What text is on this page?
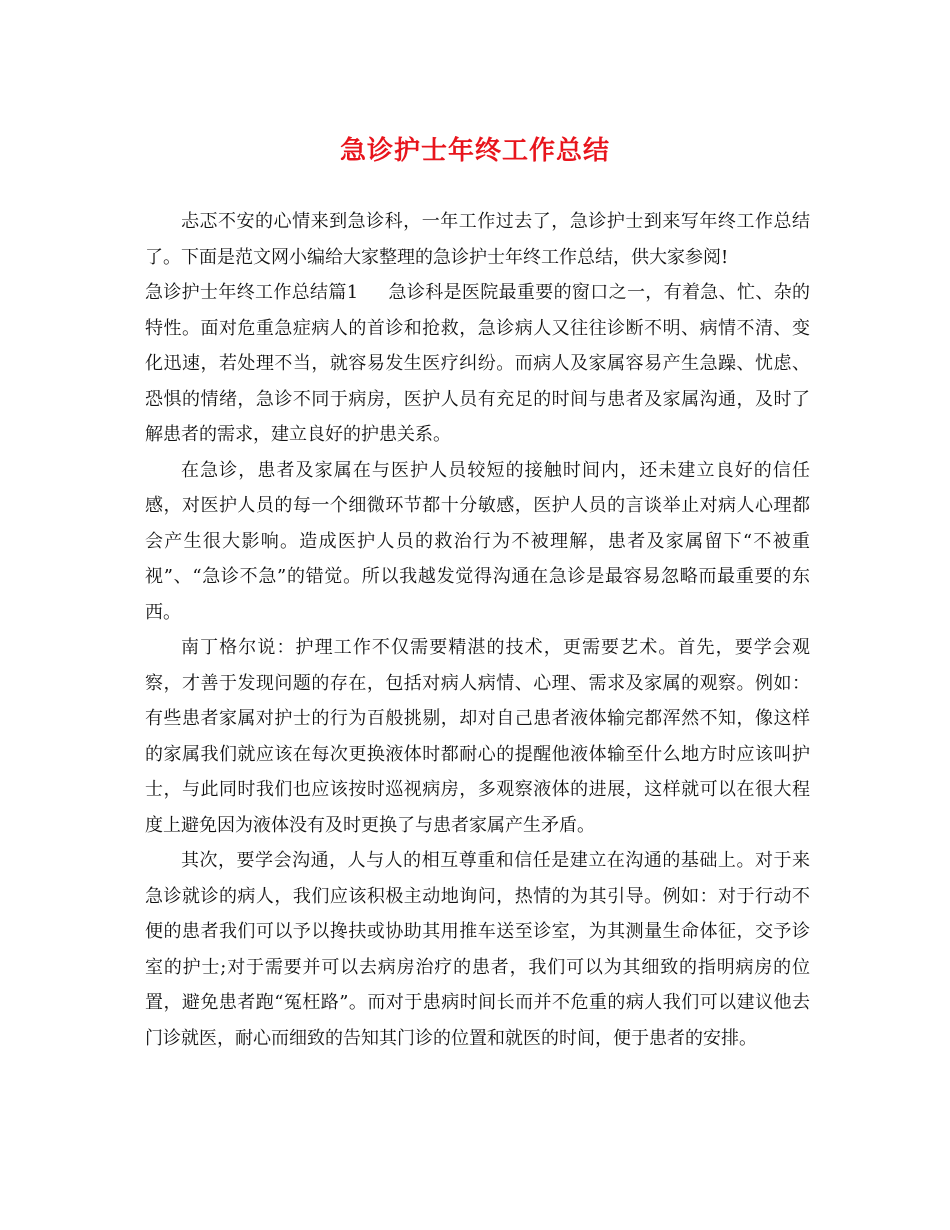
急诊护士年终工作总结

忐忑不安的心情来到急诊科，一年工作过去了，急诊护士到来写年终工作总结了。下面是范文网小编给大家整理的急诊护士年终工作总结，供大家参阅!

急诊护士年终工作总结篇1 急诊科是医院最重要的窗口之一，有着急、忙、杂的特性。面对危重急症病人的首诊和抢救，急诊病人又往往诊断不明、病情不清、变化迅速，若处理不当，就容易发生医疗纠纷。而病人及家属容易产生急躁、忧虑、恐惧的情绪，急诊不同于病房，医护人员有充足的时间与患者及家属沟通，及时了解患者的需求，建立良好的护患关系。

在急诊，患者及家属在与医护人员较短的接触时间内，还未建立良好的信任感，对医护人员的每一个细微环节都十分敏感，医护人员的言谈举止对病人心理都会产生很大影响。造成医护人员的救治行为不被理解，患者及家属留下“不被重视”、“急诊不急”的错觉。所以我越发觉得沟通在急诊是最容易忽略而最重要的东西。

南丁格尔说：护理工作不仅需要精湛的技术，更需要艺术。首先，要学会观察，才善于发现问题的存在，包括对病人病情、心理、需求及家属的观察。例如：有些患者家属对护士的行为百般挑剔，却对自己患者液体输完都浑然不知，像这样的家属我们就应该在每次更换液体时都耐心的提醒他液体输至什么地方时应该叫护士，与此同时我们也应该按时巡视病房，多观察液体的进展，这样就可以在很大程度上避免因为液体没有及时更换了与患者家属产生矛盾。

其次，要学会沟通，人与人的相互尊重和信任是建立在沟通的基础上。对于来急诊就诊的病人，我们应该积极主动地询问，热情的为其引导。例如：对于行动不便的患者我们可以予以搀扶或协助其用推车送至诊室，为其测量生命体征，交予诊室的护士;对于需要并可以去病房治疗的患者，我们可以为其细致的指明病房的位置，避免患者跑“冤枉路”。而对于患病时间长而并不危重的病人我们可以建议他去门诊就医，耐心而细致的告知其门诊的位置和就医的时间，便于患者的安排。
